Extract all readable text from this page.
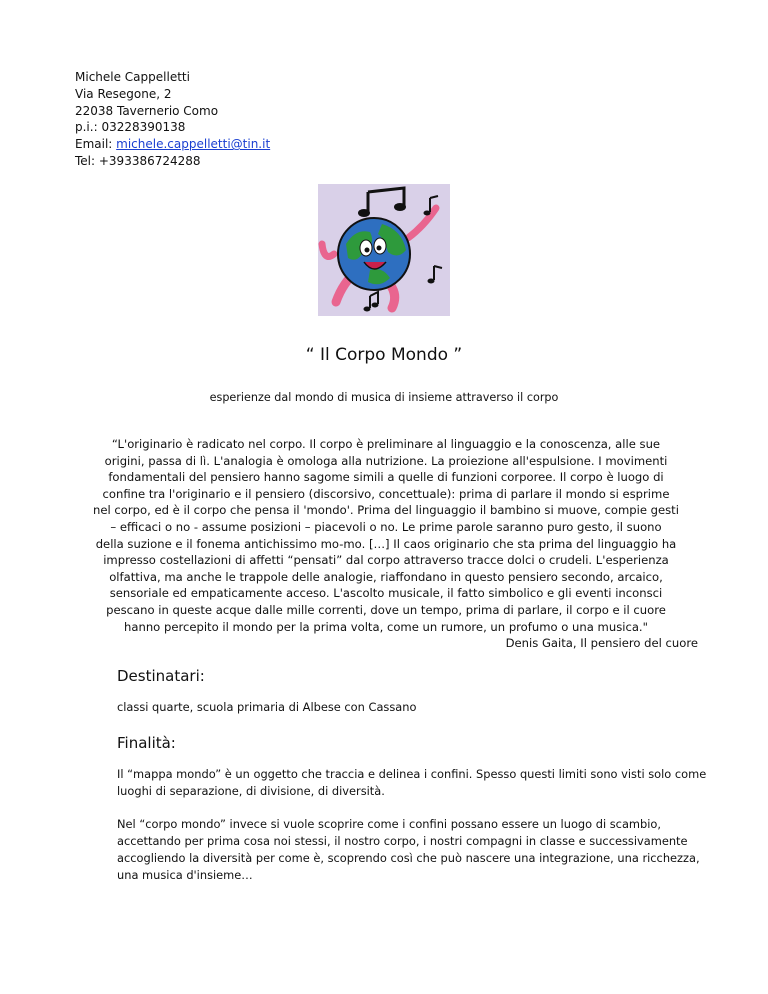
Michele Cappelletti
Via Resegone, 2
22038 Tavernerio Como
p.i.: 03228390138
Email: michele.cappelletti@tin.it
Tel: +393386724288
“ Il Corpo Mondo ”
esperienze dal mondo di musica di insieme attraverso il corpo
“L'originario è radicato nel corpo. Il corpo è preliminare al linguaggio e la conoscenza, alle sue
origini, passa di lì. L'analogia è omologa alla nutrizione. La proiezione all'espulsione. I movimenti
fondamentali del pensiero hanno sagome simili a quelle di funzioni corporee. Il corpo è luogo di
confine tra l'originario e il pensiero (discorsivo, concettuale): prima di parlare il mondo si esprime
nel corpo, ed è il corpo che pensa il 'mondo'. Prima del linguaggio il bambino si muove, compie gesti
– efficaci o no - assume posizioni – piacevoli o no. Le prime parole saranno puro gesto, il suono
della suzione e il fonema antichissimo mo-mo. […] Il caos originario che sta prima del linguaggio ha
impresso costellazioni di affetti “pensati” dal corpo attraverso tracce dolci o crudeli. L'esperienza
olfattiva, ma anche le trappole delle analogie, riaffondano in questo pensiero secondo, arcaico,
sensoriale ed empaticamente acceso. L'ascolto musicale, il fatto simbolico e gli eventi inconsci
pescano in queste acque dalle mille correnti, dove un tempo, prima di parlare, il corpo e il cuore
hanno percepito il mondo per la prima volta, come un rumore, un profumo o una musica."
Denis Gaita, Il pensiero del cuore
Destinatari:
classi quarte, scuola primaria di Albese con Cassano
Finalità:
Il “mappa mondo” è un oggetto che traccia e delinea i confini. Spesso questi limiti sono visti solo come luoghi di separazione, di divisione, di diversità.
Nel “corpo mondo” invece si vuole scoprire come i confini possano essere un luogo di scambio, accettando per prima cosa noi stessi, il nostro corpo, i nostri compagni in classe e successivamente accogliendo la diversità per come è, scoprendo così che può nascere una integrazione, una ricchezza, una musica d'insieme…
